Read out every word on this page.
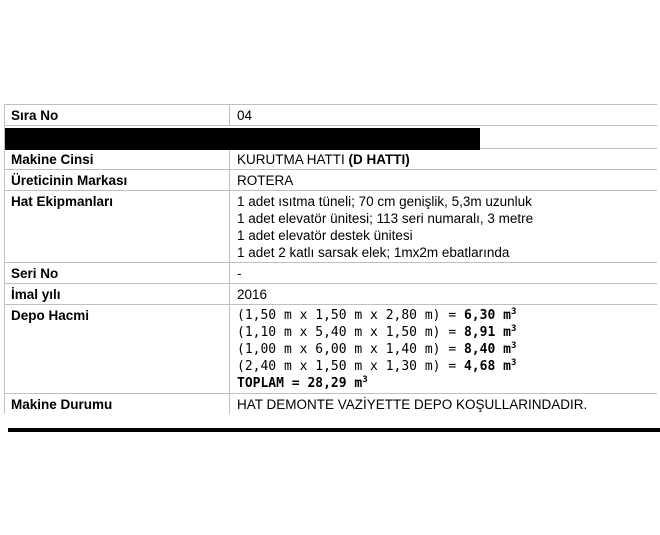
Sıra No	04
Makine Cinsi	KURUTMA HATTI (D HATTI)
Üreticinin Markası	ROTERA
Hat Ekipmanları	1 adet ısıtma tüneli; 70 cm genişlik, 5,3m uzunluk
1 adet elevatör ünitesi; 113 seri numaralı, 3 metre
1 adet elevatör destek ünitesi
1 adet 2 katlı sarsak elek; 1mx2m ebatlarında
Seri No	-
İmal yılı	2016
Depo Hacmi	(1,50 m x 1,50 m x 2,80 m) = 6,30 $m^3$
(1,10 m x 5,40 m x 1,50 m) = 8,91 $m^3$
(1,00 m x 6,00 m x 1,40 m) = 8,40 $m^3$
(2,40 m x 1,50 m x 1,30 m) = 4,68 $m^3$
TOPLAM = 28,29 $m^3$
Makine Durumu	HAT DEMONTE VAZİYETTE DEPO KOŞULLARINDADIR.
